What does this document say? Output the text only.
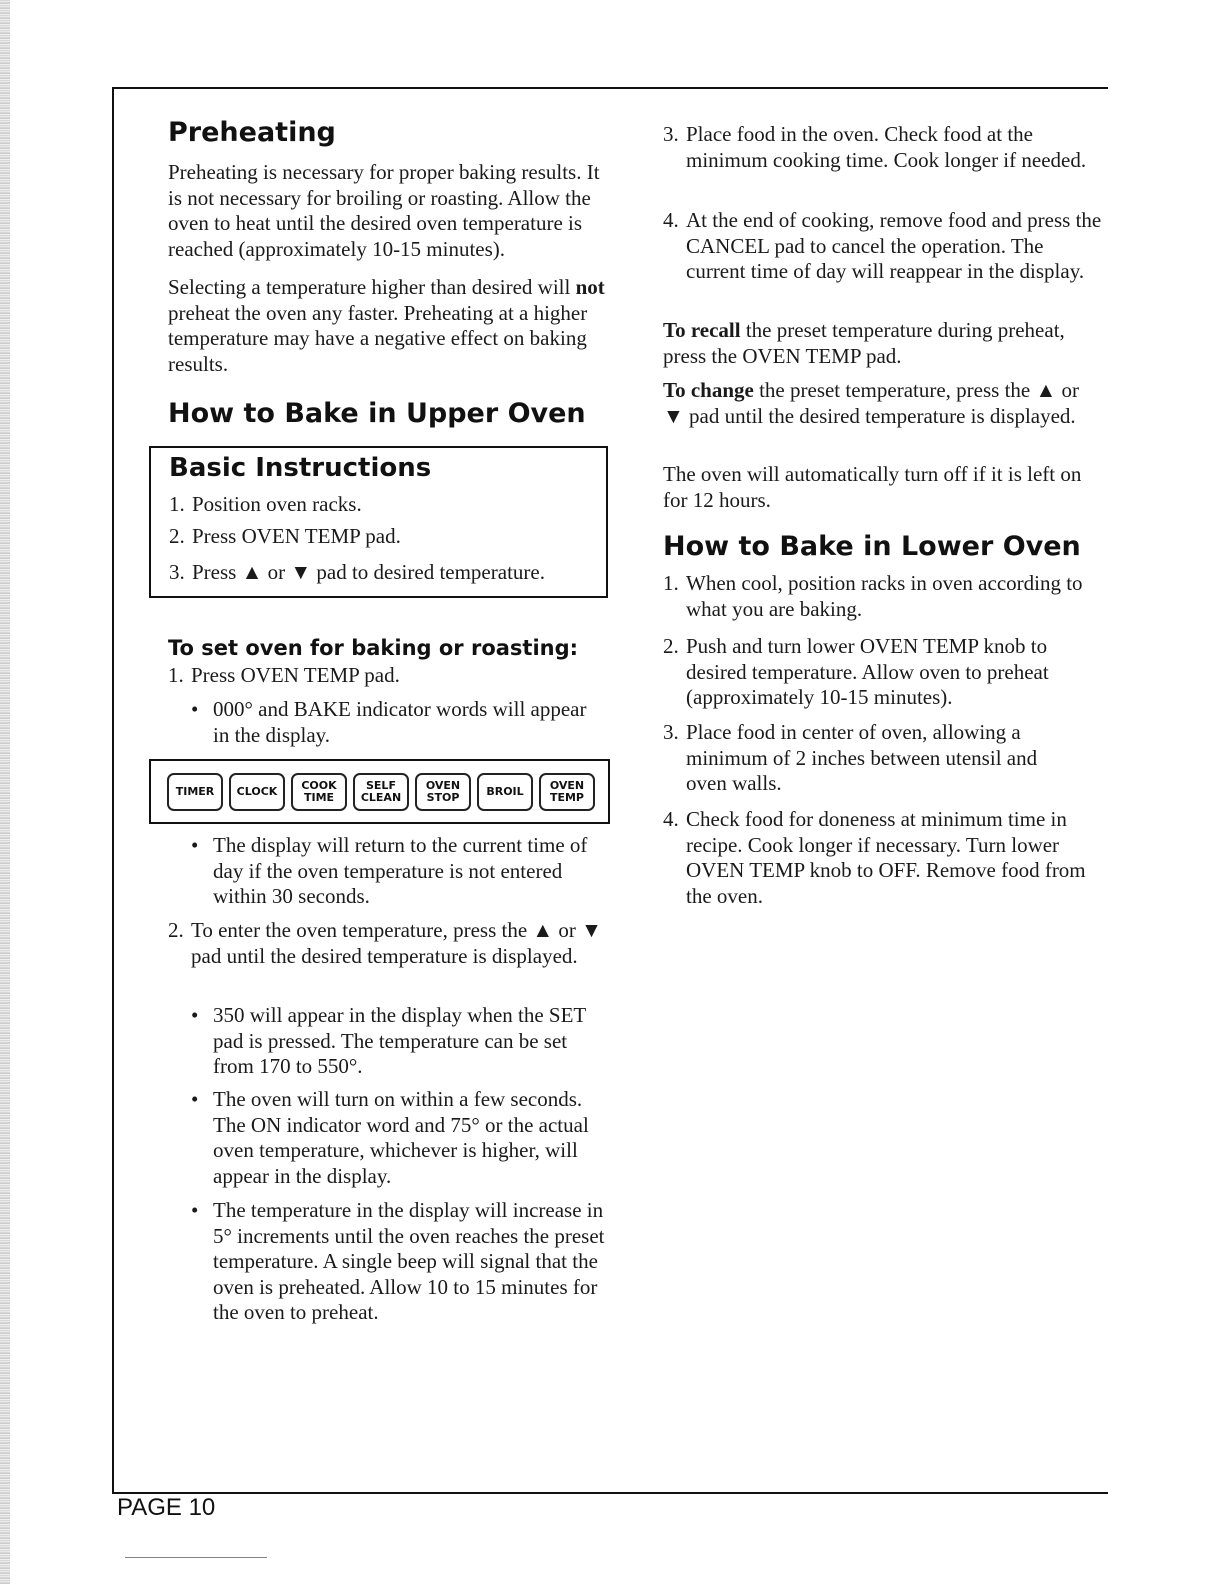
PAGE 10
Preheating

Preheating is necessary for proper baking results. It is not necessary for broiling or roasting. Allow the oven to heat until the desired oven temperature is reached (approximately 10-15 minutes).

Selecting a temperature higher than desired will not preheat the oven any faster. Preheating at a higher temperature may have a negative effect on baking results.

How to Bake in Upper Oven
Basic Instructions
1. Position oven racks.
2. Press OVEN TEMP pad.
3. Press ▲ or ▼ pad to desired temperature.
To set oven for baking or roasting:
1. Press OVEN TEMP pad.
• 000° and BAKE indicator words will appear in the display.
TIMER	CLOCK	COOK
TIME
SELF
CLEAN
OVEN
STOP	BROIL	OVEN
TEMP
• The display will return to the current time of day if the oven temperature is not entered within 30 seconds.
2. To enter the oven temperature, press the ▲ or ▼ pad until the desired temperature is displayed.
• 350 will appear in the display when the SET pad is pressed. The temperature can be set from 170 to 550°.
• The oven will turn on within a few seconds. The ON indicator word and 75° or the actual oven temperature, whichever is higher, will appear in the display.
• The temperature in the display will increase in 5° increments until the oven reaches the preset temperature. A single beep will signal that the oven is preheated. Allow 10 to 15 minutes for the oven to preheat.
3. Place food in the oven. Check food at the minimum cooking time. Cook longer if needed.
4. At the end of cooking, remove food and press the CANCEL pad to cancel the operation. The current time of day will reappear in the display.

To recall the preset temperature during preheat, press the OVEN TEMP pad.

To change the preset temperature, press the ▲ or ▼ pad until the desired temperature is displayed.

The oven will automatically turn off if it is left on for 12 hours.

How to Bake in Lower Oven
1. When cool, position racks in oven according to what you are baking.
2. Push and turn lower OVEN TEMP knob to desired temperature. Allow oven to preheat (approximately 10-15 minutes).
3. Place food in center of oven, allowing a minimum of 2 inches between utensil and oven walls.
4. Check food for doneness at minimum time in recipe. Cook longer if necessary. Turn lower OVEN TEMP knob to OFF. Remove food from the oven.
